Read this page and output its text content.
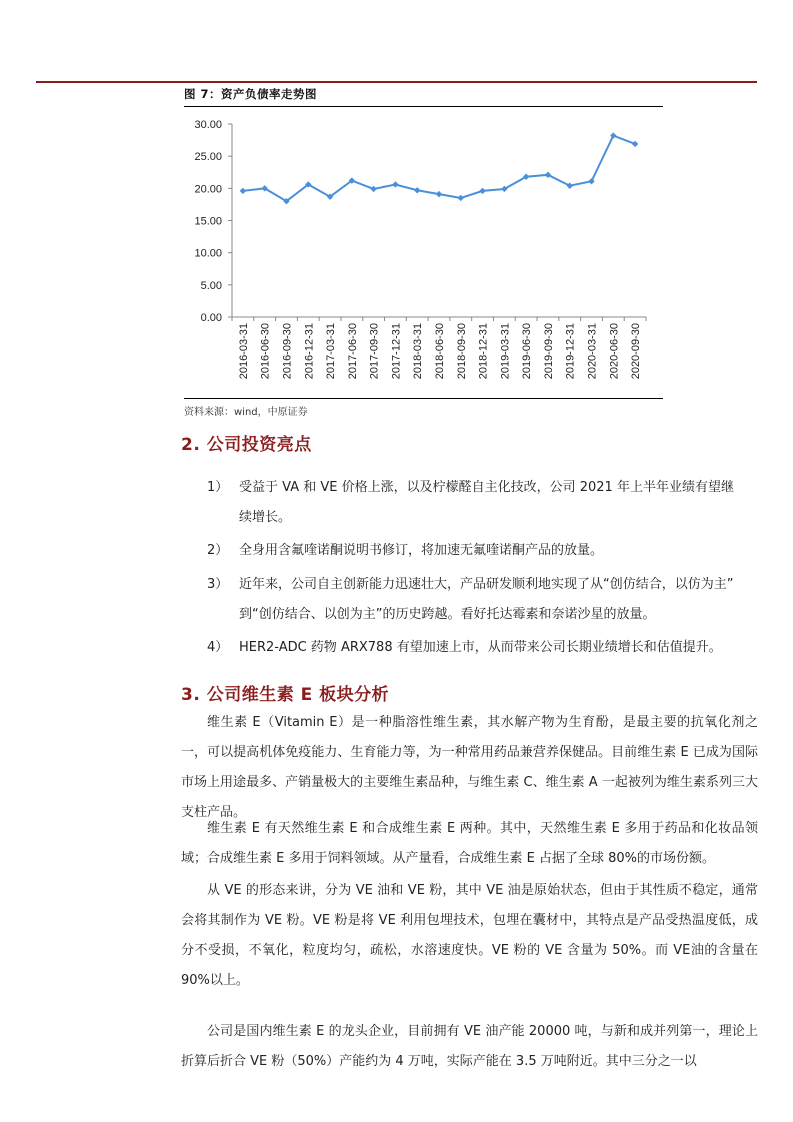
图 7：资产负债率走势图
0.00
5.00
10.00
15.00
20.00
25.00
30.00
2016-03-31 2016-06-30 2016-09-30 2016-12-31 2017-03-31 2017-06-30 2017-09-30 2017-12-31 2018-03-31 2018-06-30 2018-09-30 2018-12-31 2019-03-31 2019-06-30 2019-09-30 2019-12-31 2020-03-31 2020-06-30 2020-09-30
资料来源：wind，中原证券
2. 公司投资亮点
1） 受益于 VA 和 VE 价格上涨，以及柠檬醛自主化技改，公司 2021 年上半年业绩有望继
续增长。
2） 全身用含氟喹诺酮说明书修订，将加速无氟喹诺酮产品的放量。
3） 近年来，公司自主创新能力迅速壮大，产品研发顺利地实现了从“创仿结合，以仿为主”
到“创仿结合、以创为主”的历史跨越。看好托达霉素和奈诺沙星的放量。
4） HER2-ADC 药物 ARX788 有望加速上市，从而带来公司长期业绩增长和估值提升。
3. 公司维生素 E 板块分析
维生素 E（Vitamin E）是一种脂溶性维生素，其水解产物为生育酚，是最主要的抗氧化剂之一，可以提高机体免疫能力、生育能力等，为一种常用药品兼营养保健品。目前维生素 E 已成为国际市场上用途最多、产销量极大的主要维生素品种，与维生素 C、维生素 A 一起被列为维生素系列三大支柱产品。
维生素 E 有天然维生素 E 和合成维生素 E 两种。其中，天然维生素 E 多用于药品和化妆品领域；合成维生素 E 多用于饲料领域。从产量看，合成维生素 E 占据了全球 80%的市场份额。
从 VE 的形态来讲，分为 VE 油和 VE 粉，其中 VE 油是原始状态，但由于其性质不稳定，通常会将其制作为 VE 粉。VE 粉是将 VE 利用包埋技术，包埋在囊材中，其特点是产品受热温度低，成分不受损，不氧化，粒度均匀，疏松，水溶速度快。VE 粉的 VE 含量为 50%。而 VE油的含量在 90%以上。
公司是国内维生素 E 的龙头企业，目前拥有 VE 油产能 20000 吨，与新和成并列第一，理论上折算后折合 VE 粉（50%）产能约为 4 万吨，实际产能在 3.5 万吨附近。其中三分之一以
